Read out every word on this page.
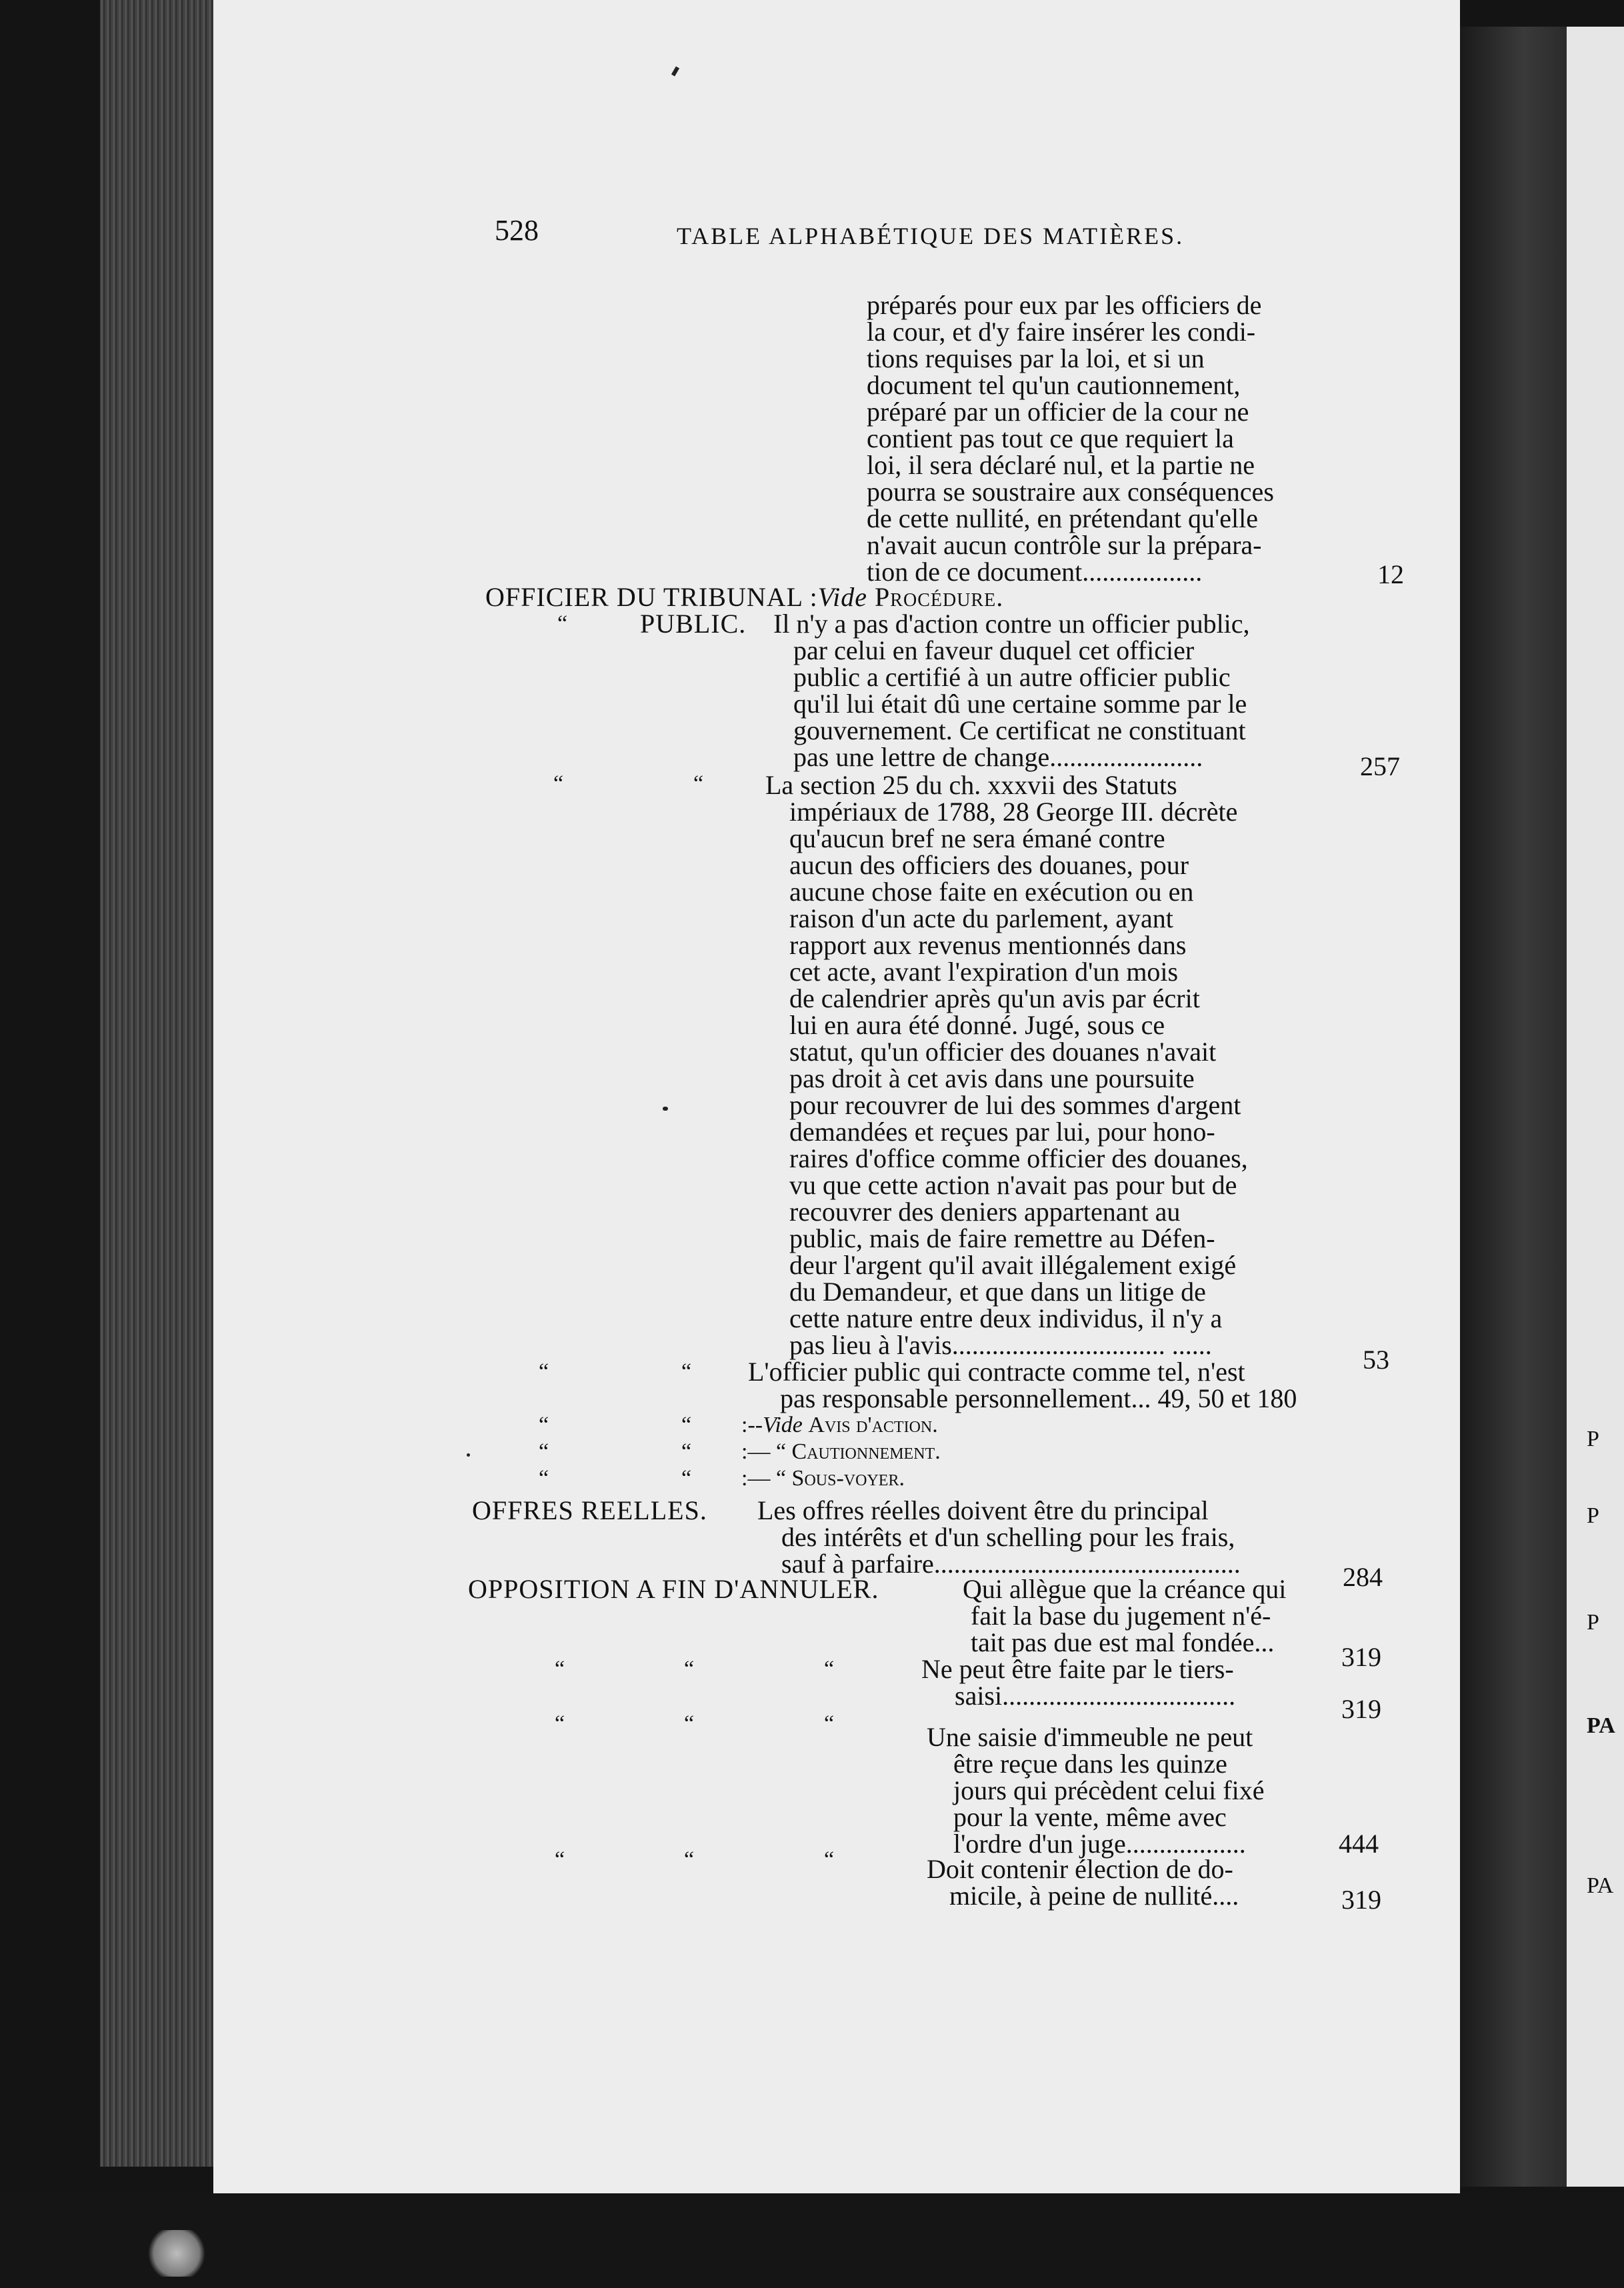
P
P
P
PA
PA
528	TABLE ALPHABÉTIQUE DES MATIÈRES.
préparés pour eux par les officiers de
la cour, et d'y faire insérer les condi-
tions requises par la loi, et si un
document tel qu'un cautionnement,
préparé par un officier de la cour ne
contient pas tout ce que requiert la
loi, il sera déclaré nul, et la partie ne
pourra se soustraire aux conséquences
de cette nullité, en prétendant qu'elle
n'avait aucun contrôle sur la prépara-
tion de ce document..................	12
OFFICIER DU TRIBUNAL :Vide Procédure.
“	PUBLIC. Il n'y a pas d'action contre un officier public,
par celui en faveur duquel cet officier
public a certifié à un autre officier public
qu'il lui était dû une certaine somme par le
gouvernement. Ce certificat ne constituant
pas une lettre de change.......................	257
“	“ La section 25 du ch. xxxvii des Statuts
impériaux de 1788, 28 George III. décrète
qu'aucun bref ne sera émané contre
aucun des officiers des douanes, pour
aucune chose faite en exécution ou en
raison d'un acte du parlement, ayant
rapport aux revenus mentionnés dans
cet acte, avant l'expiration d'un mois
de calendrier après qu'un avis par écrit
lui en aura été donné. Jugé, sous ce
statut, qu'un officier des douanes n'avait
pas droit à cet avis dans une poursuite
pour recouvrer de lui des sommes d'argent
demandées et reçues par lui, pour hono-
raires d'office comme officier des douanes,
vu que cette action n'avait pas pour but de
recouvrer des deniers appartenant au
public, mais de faire remettre au Défen-
deur l'argent qu'il avait illégalement exigé
du Demandeur, et que dans un litige de
cette nature entre deux individus, il n'y a
pas lieu à l'avis................................ ......	53
“	“ L'officier public qui contracte comme tel, n'est
pas responsable personnellement... 49, 50 et 180
“	“ :--Vide Avis d'action.
“	“ :— “ Cautionnement.
“	“ :— “ Sous-voyer.
OFFRES REELLES. Les offres réelles doivent être du principal
des intérêts et d'un schelling pour les frais,
sauf à parfaire..............................................	284
OPPOSITION A FIN D'ANNULER.	Qui allègue que la créance qui
fait la base du jugement n'é-
tait pas due est mal fondée...	319
“	“	“	Ne peut être faite par le tiers-
saisi...................................	319
“	“	“	Une saisie d'immeuble ne peut
être reçue dans les quinze
jours qui précèdent celui fixé
pour la vente, même avec
l'ordre d'un juge..................	444
“	“	“	Doit contenir élection de do-
micile, à peine de nullité....	319
